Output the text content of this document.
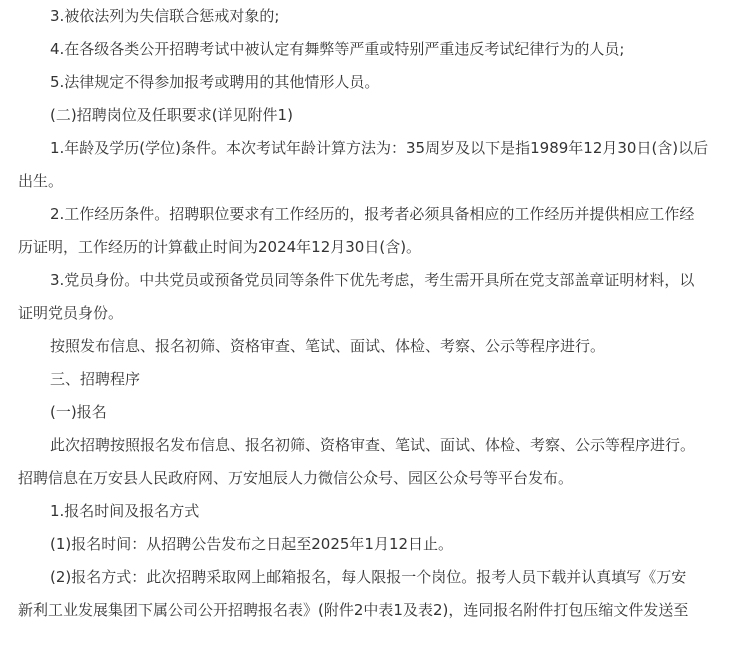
3.被依法列为失信联合惩戒对象的;
4.在各级各类公开招聘考试中被认定有舞弊等严重或特别严重违反考试纪律行为的人员;
5.法律规定不得参加报考或聘用的其他情形人员。
(二)招聘岗位及任职要求(详见附件1)
1.年龄及学历(学位)条件。本次考试年龄计算方法为：35周岁及以下是指1989年12月30日(含)以后
出生。
2.工作经历条件。招聘职位要求有工作经历的，报考者必须具备相应的工作经历并提供相应工作经
历证明，工作经历的计算截止时间为2024年12月30日(含)。
3.党员身份。中共党员或预备党员同等条件下优先考虑，考生需开具所在党支部盖章证明材料，以
证明党员身份。
按照发布信息、报名初筛、资格审查、笔试、面试、体检、考察、公示等程序进行。
三、招聘程序
(一)报名
此次招聘按照报名发布信息、报名初筛、资格审查、笔试、面试、体检、考察、公示等程序进行。
招聘信息在万安县人民政府网、万安旭辰人力微信公众号、园区公众号等平台发布。
1.报名时间及报名方式
(1)报名时间：从招聘公告发布之日起至2025年1月12日止。
(2)报名方式：此次招聘采取网上邮箱报名，每人限报一个岗位。报考人员下载并认真填写《万安
新利工业发展集团下属公司公开招聘报名表》(附件2中表1及表2)，连同报名附件打包压缩文件发送至
